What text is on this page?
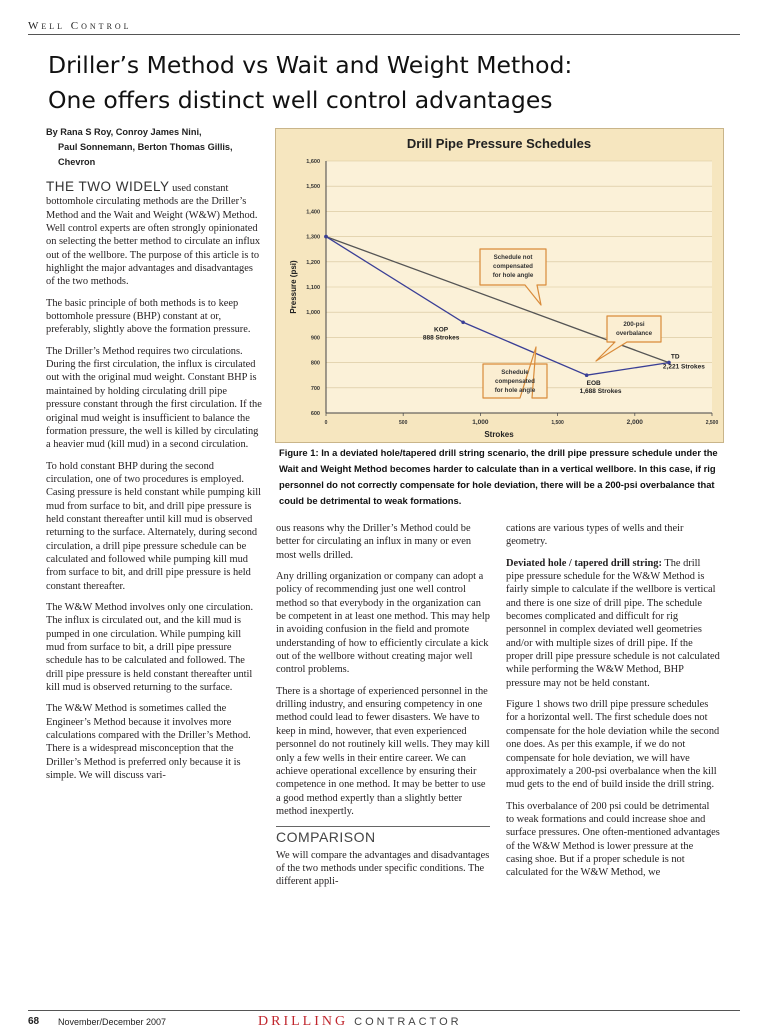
Well Control
Driller’s Method vs Wait and Weight Method:
One offers distinct well control advantages
By Rana S Roy, Conroy James Nini,
Paul Sonnemann, Berton Thomas Gillis,
Chevron

THE TWO WIDELY used constant bottomhole circulating methods are the Driller’s Method and the Wait and Weight (W&W) Method. Well control experts are often strongly opinionated on selecting the better method to circulate an influx out of the wellbore. The purpose of this article is to highlight the major advantages and disadvantages of the two methods.

The basic principle of both methods is to keep bottomhole pressure (BHP) constant at or, preferably, slightly above the formation pressure.

The Driller’s Method requires two circulations. During the first circulation, the influx is circulated out with the original mud weight. Constant BHP is maintained by holding circulating drill pipe pressure constant through the first circulation. If the original mud weight is insufficient to balance the formation pressure, the well is killed by circulating a heavier mud (kill mud) in a second circulation.

To hold constant BHP during the second circulation, one of two procedures is employed. Casing pressure is held constant while pumping kill mud from surface to bit, and drill pipe pressure is held constant thereafter until kill mud is observed returning to the surface. Alternately, during second circulation, a drill pipe pressure schedule can be calculated and followed while pumping kill mud from surface to bit, and drill pipe pressure is held constant thereafter.

The W&W Method involves only one circulation. The influx is circulated out, and the kill mud is pumped in one circulation. While pumping kill mud from surface to bit, a drill pipe pressure schedule has to be calculated and followed. The drill pipe pressure is held constant thereafter until kill mud is observed returning to the surface.

The W&W Method is sometimes called the Engineer’s Method because it involves more calculations compared with the Driller’s Method. There is a widespread misconception that the Driller’s Method is preferred only because it is simple. We will discuss vari-

Drill Pipe Pressure Schedules
600
700
800
900
1,000
1,100
1,200
1,300
1,400
1,500
1,600
0	500	1,000	1,500	2,000	2,500
Strokes
Pressure (psi)
KOP
888 Strokes
EOB
1,688 Strokes
TD
2,221 Strokes
Schedule not
compensated
for hole angle
Schedule
compensated
for hole angle
200-psi
overbalance

Figure 1: In a deviated hole/tapered drill string scenario, the drill pipe pressure schedule under the Wait and Weight Method becomes harder to calculate than in a vertical wellbore. In this case, if rig personnel do not correctly compensate for hole deviation, there will be a 200-psi overbalance that could be detrimental to weak formations.

ous reasons why the Driller’s Method could be better for circulating an influx in many or even most wells drilled.

Any drilling organization or company can adopt a policy of recommending just one well control method so that everybody in the organization can be competent in at least one method. This may help in avoiding confusion in the field and promote understanding of how to efficiently circulate a kick out of the wellbore without creating major well control problems.

There is a shortage of experienced personnel in the drilling industry, and ensuring competency in one method could lead to fewer disasters. We have to keep in mind, however, that even experienced personnel do not routinely kill wells. They may kill only a few wells in their entire career. We can achieve operational excellence by ensuring their competence in one method. It may be better to use a good method expertly than a slightly better method inexpertly.

COMPARISON

We will compare the advantages and disadvantages of the two methods under specific conditions. The different appli-

cations are various types of wells and their geometry.

Deviated hole / tapered drill string: The drill pipe pressure schedule for the W&W Method is fairly simple to calculate if the wellbore is vertical and there is one size of drill pipe. The schedule becomes complicated and difficult for rig personnel in complex deviated well geometries and/or with multiple sizes of drill pipe. If the proper drill pipe pressure schedule is not calculated while performing the W&W Method, BHP pressure may not be held constant.

Figure 1 shows two drill pipe pressure schedules for a horizontal well. The first schedule does not compensate for the hole deviation while the second one does. As per this example, if we do not compensate for hole deviation, we will have approximately a 200-psi overbalance when the kill mud gets to the end of build inside the drill string.

This overbalance of 200 psi could be detrimental to weak formations and could increase shoe and surface pressures. One often-mentioned advantages of the W&W Method is lower pressure at the casing shoe. But if a proper schedule is not calculated for the W&W Method, we

68 November/December 2007	DRILLING CONTRACTOR
